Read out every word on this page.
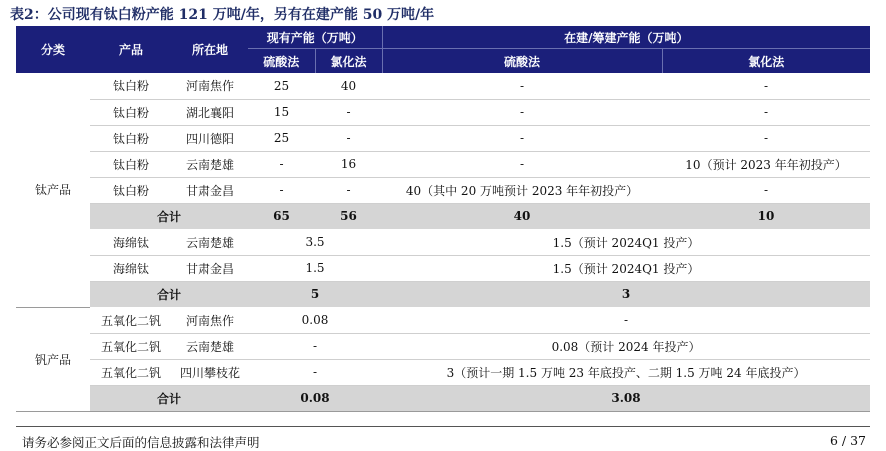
表2：公司现有钛白粉产能 121 万吨/年，另有在建产能 50 万吨/年
分类	产品	所在地	现有产能（万吨）		在建/筹建产能（万吨）	
			硫酸法	氯化法	硫酸法	氯化法
钛产品	钛白粉	河南焦作	25	40	-	-
	钛白粉	湖北襄阳	15	-	-	-
	钛白粉	四川德阳	25	-	-	-
	钛白粉	云南楚雄	-	16	-	10（预计 2023 年年初投产）
	钛白粉	甘肃金昌	-	-	40（其中 20 万吨预计 2023 年年初投产）	-
	合计		65	56	40	10
	海绵钛	云南楚雄	3.5		1.5（预计 2024Q1 投产）	
	海绵钛	甘肃金昌	1.5		1.5（预计 2024Q1 投产）	
	合计		5		3	
钒产品	五氧化二钒	河南焦作	0.08		-	
	五氧化二钒	云南楚雄	-		0.08（预计 2024 年投产）	
	五氧化二钒	四川攀枝花	-		3（预计一期 1.5 万吨 23 年底投产、二期 1.5 万吨 24 年底投产）	
	合计		0.08		3.08	
请务必参阅正文后面的信息披露和法律声明	6 / 37
